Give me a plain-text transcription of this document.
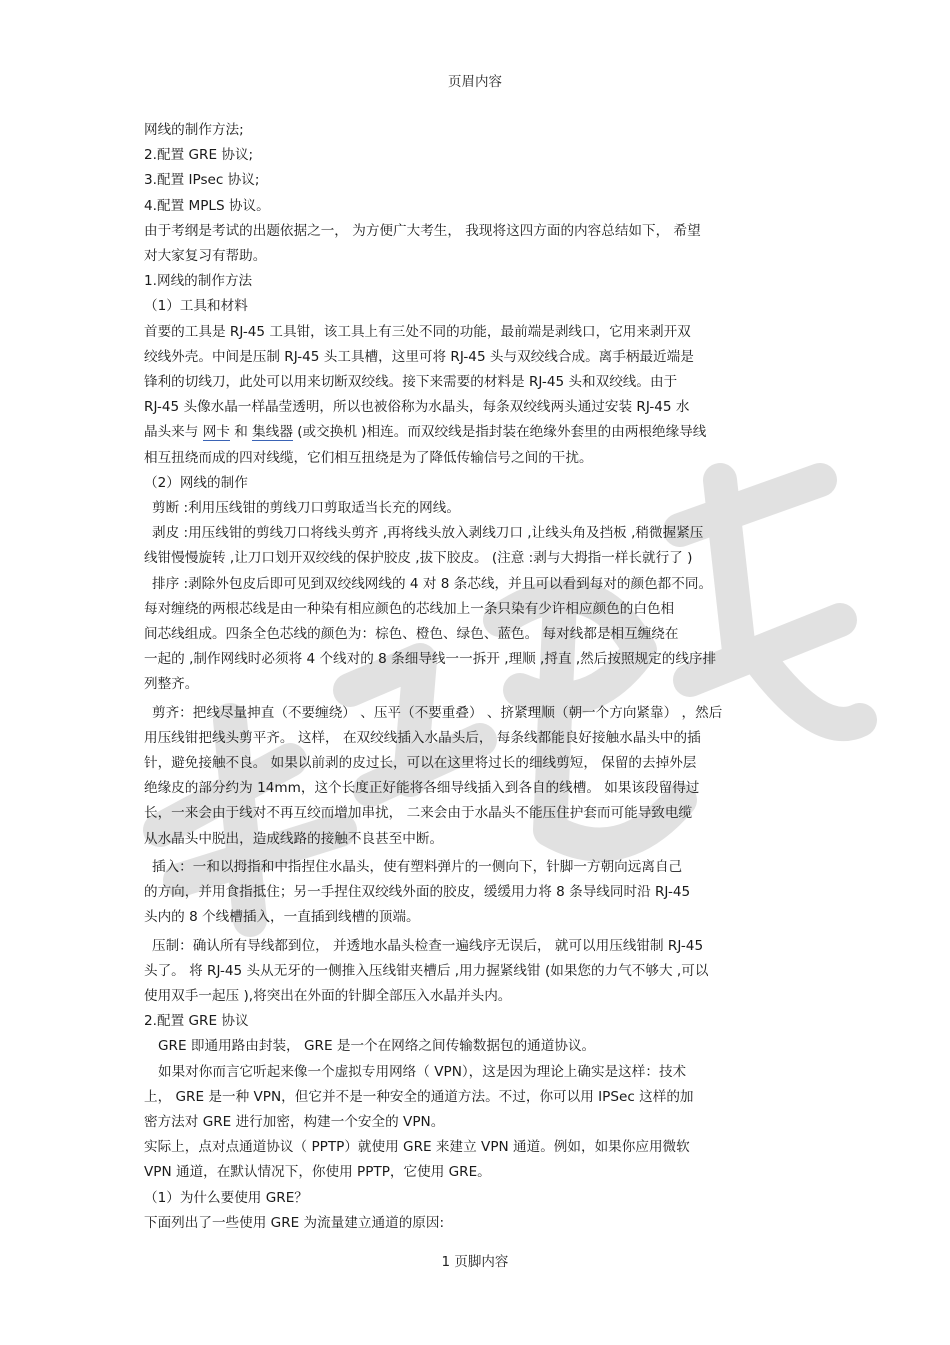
页眉内容
网线的制作方法;
2.配置 GRE 协议;
3.配置 IPsec 协议;
4.配置 MPLS 协议。
由于考纲是考试的出题依据之一， 为方便广大考生， 我现将这四方面的内容总结如下， 希望
对大家复习有帮助。
1.网线的制作方法
（1）工具和材料
首要的工具是 RJ-45 工具钳，该工具上有三处不同的功能，最前端是剥线口，它用来剥开双
绞线外壳。中间是压制 RJ-45 头工具槽，这里可将 RJ-45 头与双绞线合成。离手柄最近端是
锋利的切线刀，此处可以用来切断双绞线。接下来需要的材料是 RJ-45 头和双绞线。由于
RJ-45 头像水晶一样晶莹透明，所以也被俗称为水晶头，每条双绞线两头通过安装 RJ-45 水
晶头来与 网卡 和 集线器 (或交换机 )相连。而双绞线是指封装在绝缘外套里的由两根绝缘导线
相互扭绕而成的四对线缆，它们相互扭绕是为了降低传输信号之间的干扰。
（2）网线的制作
剪断 :利用压线钳的剪线刀口剪取适当长充的网线。
剥皮 :用压线钳的剪线刀口将线头剪齐 ,再将线头放入剥线刀口 ,让线头角及挡板 ,稍微握紧压
线钳慢慢旋转 ,让刀口划开双绞线的保护胶皮 ,拔下胶皮。 (注意 :剥与大拇指一样长就行了 )
排序 :剥除外包皮后即可见到双绞线网线的 4 对 8 条芯线，并且可以看到每对的颜色都不同。
每对缠绕的两根芯线是由一种染有相应颜色的芯线加上一条只染有少许相应颜色的白色相
间芯线组成。四条全色芯线的颜色为：棕色、橙色、绿色、蓝色。 每对线都是相互缠绕在
一起的 ,制作网线时必须将 4 个线对的 8 条细导线一一拆开 ,理顺 ,捋直 ,然后按照规定的线序排
列整齐。
剪齐：把线尽量抻直（不要缠绕） 、压平（不要重叠） 、挤紧理顺（朝一个方向紧靠） ，然后
用压线钳把线头剪平齐。 这样， 在双绞线插入水晶头后， 每条线都能良好接触水晶头中的插
针，避免接触不良。 如果以前剥的皮过长，可以在这里将过长的细线剪短， 保留的去掉外层
绝缘皮的部分约为 14mm，这个长度正好能将各细导线插入到各自的线槽。 如果该段留得过
长，一来会由于线对不再互绞而增加串扰， 二来会由于水晶头不能压住护套而可能导致电缆
从水晶头中脱出，造成线路的接触不良甚至中断。
插入：一和以拇指和中指捏住水晶头，使有塑料弹片的一侧向下，针脚一方朝向远离自己
的方向，并用食指抵住；另一手捏住双绞线外面的胶皮，缓缓用力将 8 条导线同时沿 RJ-45
头内的 8 个线槽插入，一直插到线槽的顶端。
压制：确认所有导线都到位， 并透地水晶头检查一遍线序无误后， 就可以用压线钳制 RJ-45
头了。 将 RJ-45 头从无牙的一侧推入压线钳夹槽后 ,用力握紧线钳 (如果您的力气不够大 ,可以
使用双手一起压 ),将突出在外面的针脚全部压入水晶并头内。
2.配置 GRE 协议
GRE 即通用路由封装， GRE 是一个在网络之间传输数据包的通道协议。
如果对你而言它听起来像一个虚拟专用网络（ VPN），这是因为理论上确实是这样：技术
上， GRE 是一种 VPN，但它并不是一种安全的通道方法。不过，你可以用 IPSec 这样的加
密方法对 GRE 进行加密，构建一个安全的 VPN。
实际上，点对点通道协议（ PPTP）就使用 GRE 来建立 VPN 通道。例如，如果你应用微软
VPN 通道，在默认情况下，你使用 PPTP，它使用 GRE。
（1）为什么要使用 GRE？
下面列出了一些使用 GRE 为流量建立通道的原因:
1 页脚内容
